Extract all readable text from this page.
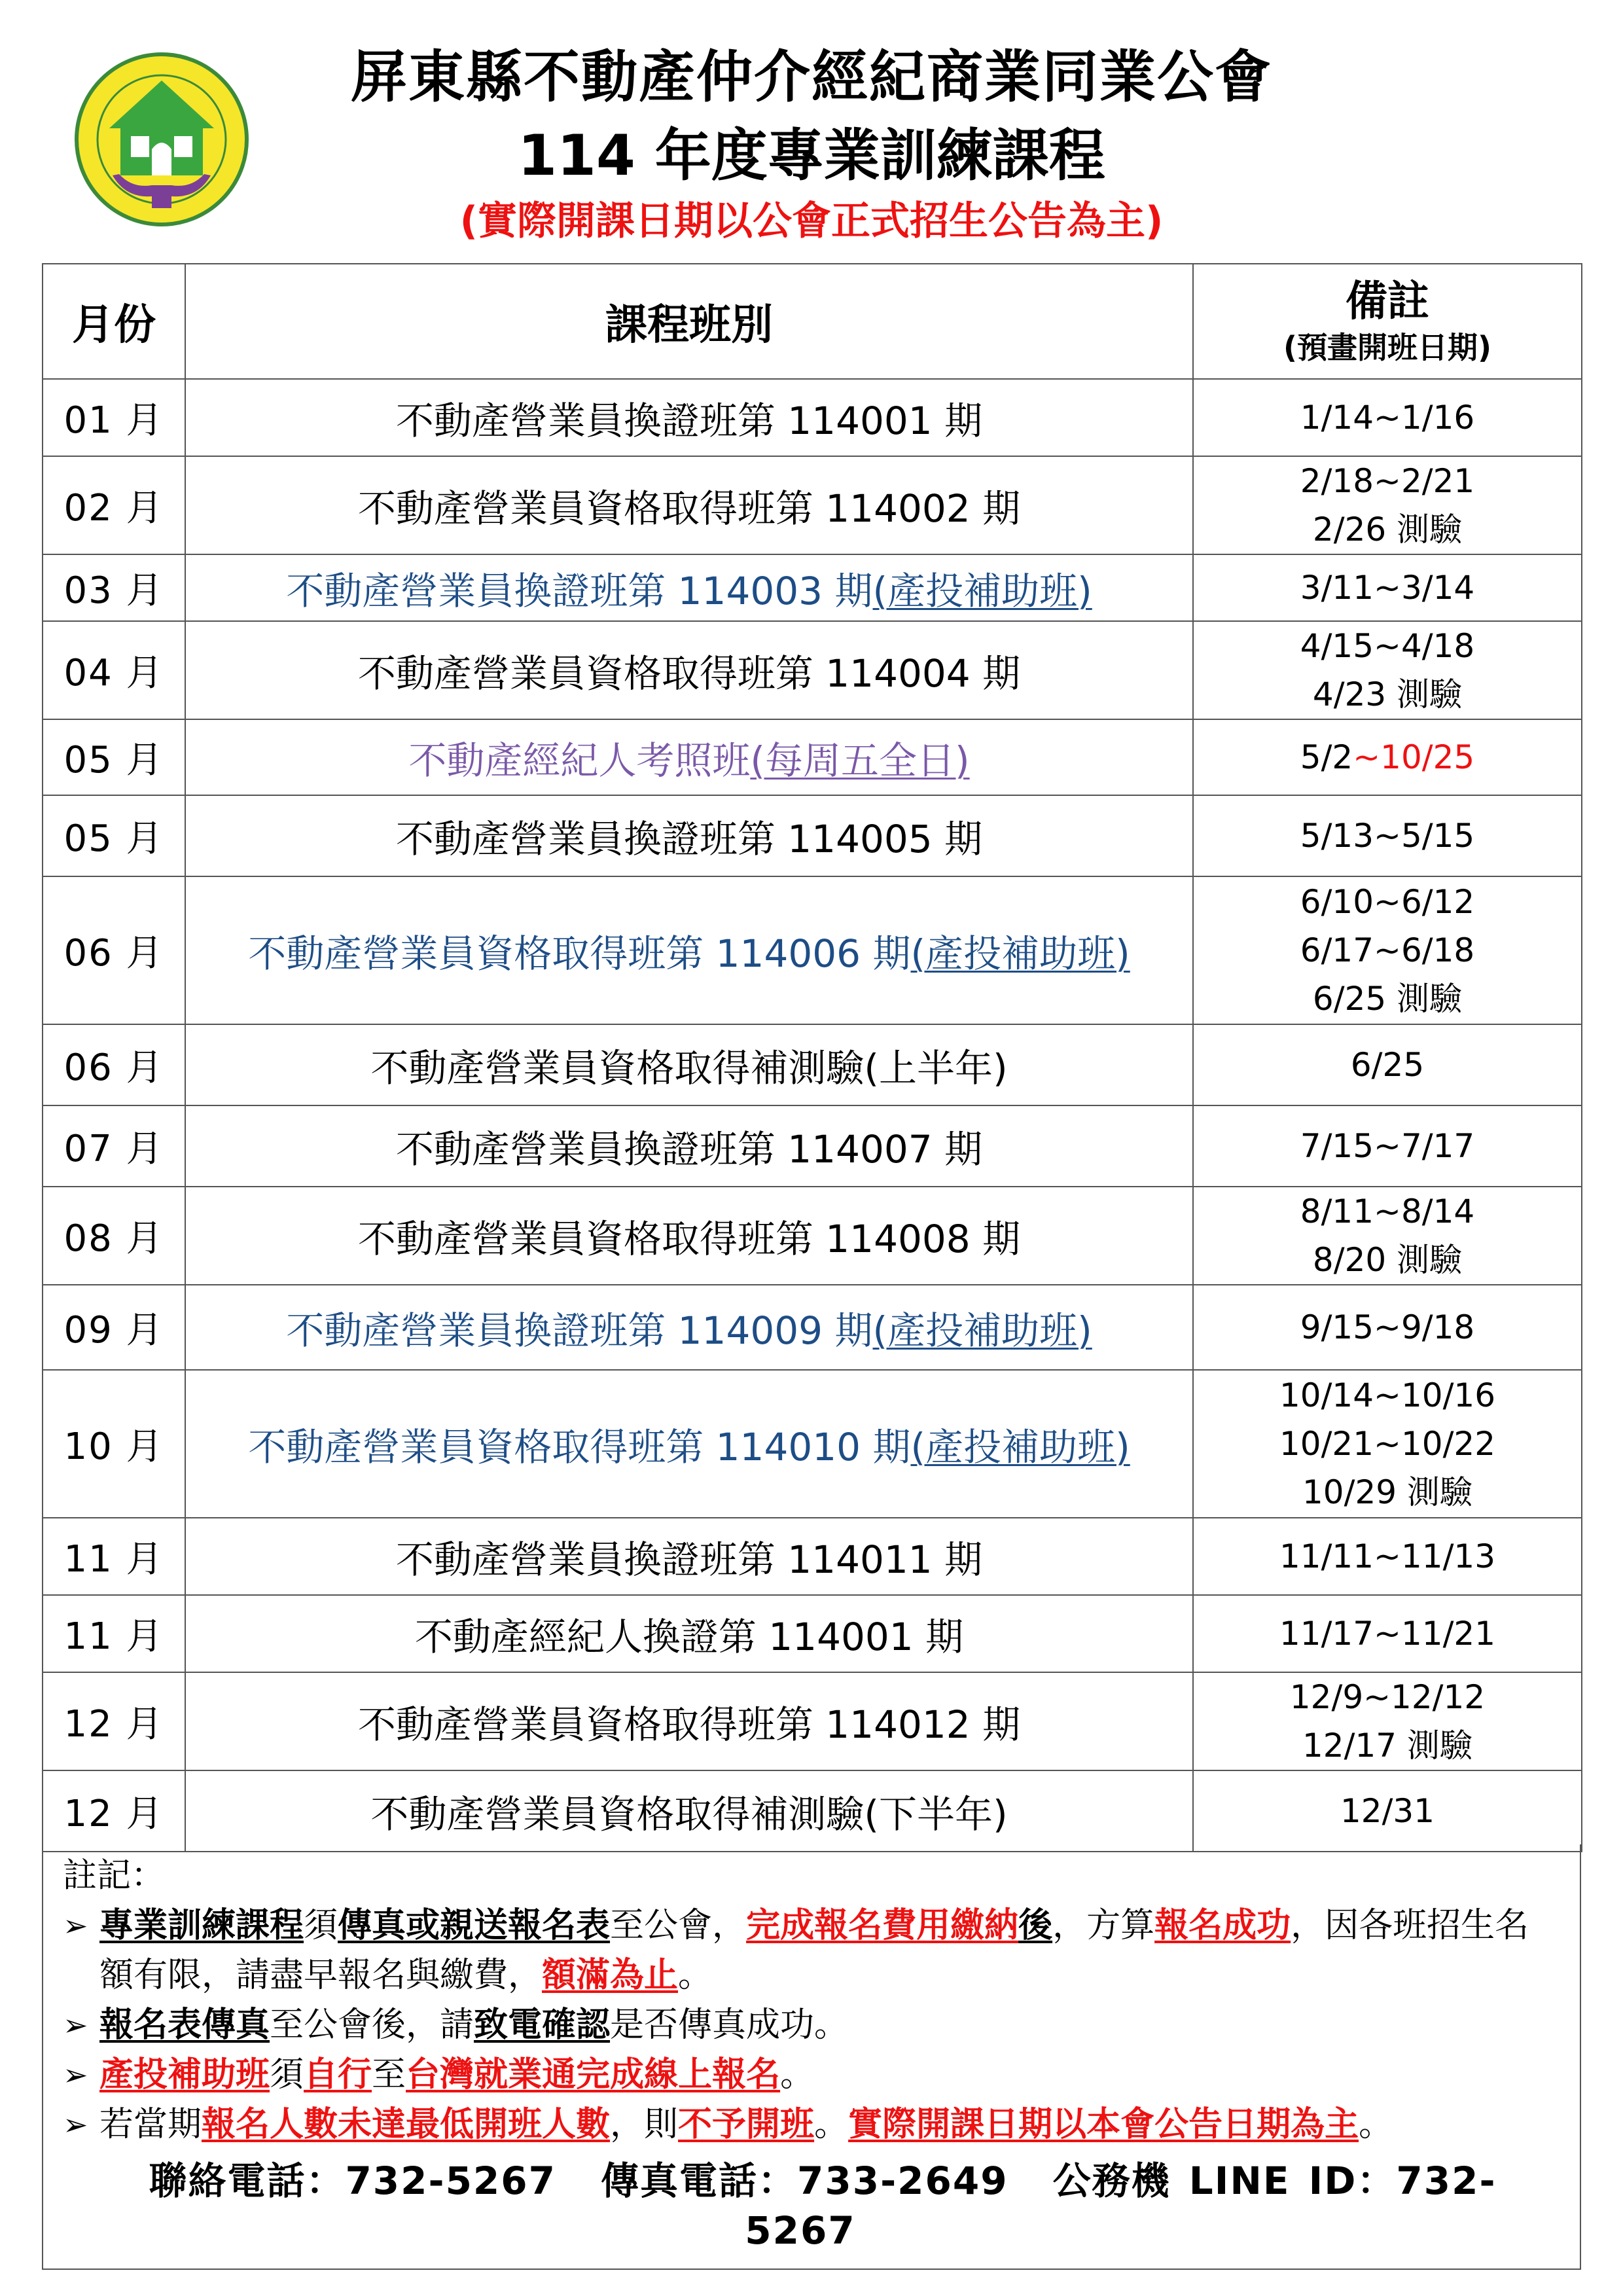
屏東縣不動產仲介經紀商業同業公會
114 年度專業訓練課程
(實際開課日期以公會正式招生公告為主)
月份	課程班別	備註
(預畫開班日期)

01 月	不動產營業員換證班第 114001 期	1/14~1/16

02 月	不動產營業員資格取得班第 114002 期	2/18~2/21
2/26 測驗

03 月	不動產營業員換證班第 114003 期(產投補助班)	3/11~3/14

04 月	不動產營業員資格取得班第 114004 期	4/15~4/18
4/23 測驗

05 月	不動產經紀人考照班(每周五全日)	5/2~10/25
05 月	不動產營業員換證班第 114005 期	5/13~5/15

06 月	不動產營業員資格取得班第 114006 期(產投補助班)	6/10~6/12
6/17~6/18
6/25 測驗

06 月	不動產營業員資格取得補測驗(上半年)	6/25

07 月	不動產營業員換證班第 114007 期	7/15~7/17

08 月	不動產營業員資格取得班第 114008 期	8/11~8/14
8/20 測驗

09 月	不動產營業員換證班第 114009 期(產投補助班)	9/15~9/18

10 月	不動產營業員資格取得班第 114010 期(產投補助班)	10/14~10/16
10/21~10/22
10/29 測驗

11 月	不動產營業員換證班第 114011 期	11/11~11/13

11 月	不動產經紀人換證第 114001 期	11/17~11/21

12 月	不動產營業員資格取得班第 114012 期	12/9~12/12
12/17 測驗

12 月	不動產營業員資格取得補測驗(下半年)	12/31
註記：
➢ 專業訓練課程須傳真或親送報名表至公會，完成報名費用繳納後，方算報名成功，因各班招生名額有限，請盡早報名與繳費，額滿為止。
➢ 報名表傳真至公會後，請致電確認是否傳真成功。
➢ 產投補助班須自行至台灣就業通完成線上報名。
➢ 若當期報名人數未達最低開班人數，則不予開班。實際開課日期以本會公告日期為主。
聯絡電話：732-5267 傳真電話：733-2649 公務機 LINE ID：732-5267
